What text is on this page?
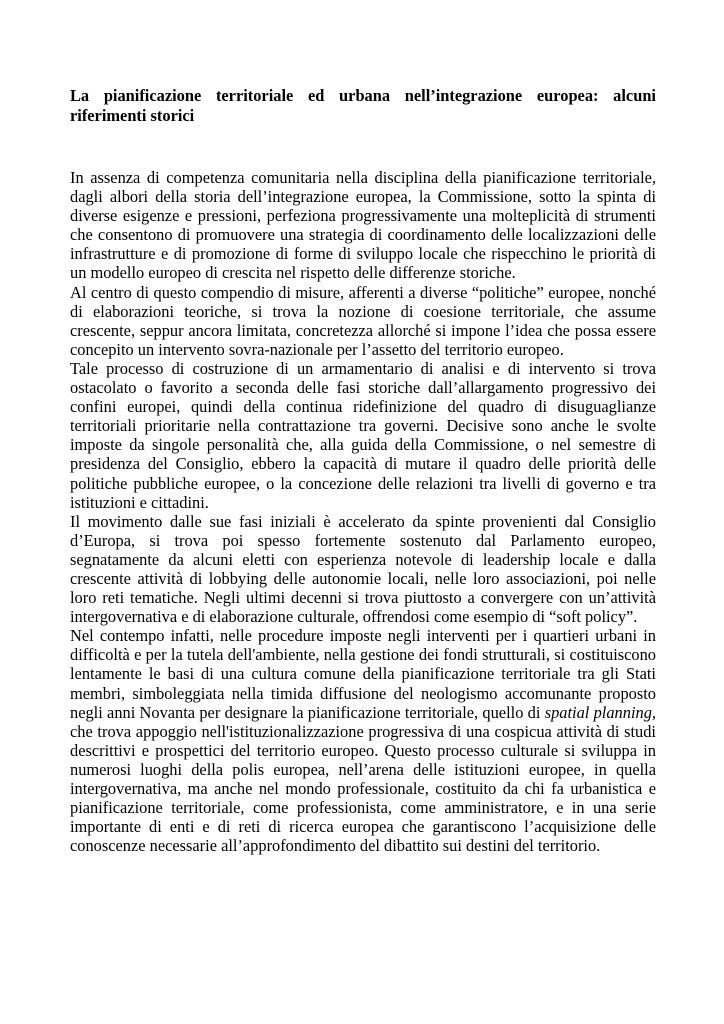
La pianificazione territoriale ed urbana nell’integrazione europea: alcuni riferimenti storici

In assenza di competenza comunitaria nella disciplina della pianificazione territoriale, dagli albori della storia dell’integrazione europea, la Commissione, sotto la spinta di diverse esigenze e pressioni, perfeziona progressivamente una molteplicità di strumenti che consentono di promuovere una strategia di coordinamento delle localizzazioni delle infrastrutture e di promozione di forme di sviluppo locale che rispecchino le priorità di un modello europeo di crescita nel rispetto delle differenze storiche.

Al centro di questo compendio di misure, afferenti a diverse “politiche” europee, nonché di elaborazioni teoriche, si trova la nozione di coesione territoriale, che assume crescente, seppur ancora limitata, concretezza allorché si impone l’idea che possa essere concepito un intervento sovra-nazionale per l’assetto del territorio europeo.

Tale processo di costruzione di un armamentario di analisi e di intervento si trova ostacolato o favorito a seconda delle fasi storiche dall’allargamento progressivo dei confini europei, quindi della continua ridefinizione del quadro di disuguaglianze territoriali prioritarie nella contrattazione tra governi. Decisive sono anche le svolte imposte da singole personalità che, alla guida della Commissione, o nel semestre di presidenza del Consiglio, ebbero la capacità di mutare il quadro delle priorità delle politiche pubbliche europee, o la concezione delle relazioni tra livelli di governo e tra istituzioni e cittadini.

Il movimento dalle sue fasi iniziali è accelerato da spinte provenienti dal Consiglio d’Europa, si trova poi spesso fortemente sostenuto dal Parlamento europeo, segnatamente da alcuni eletti con esperienza notevole di leadership locale e dalla crescente attività di lobbying delle autonomie locali, nelle loro associazioni, poi nelle loro reti tematiche. Negli ultimi decenni si trova piuttosto a convergere con un’attività intergovernativa e di elaborazione culturale, offrendosi come esempio di “soft policy”.

Nel contempo infatti, nelle procedure imposte negli interventi per i quartieri urbani in difficoltà e per la tutela dell'ambiente, nella gestione dei fondi strutturali, si costituiscono lentamente le basi di una cultura comune della pianificazione territoriale tra gli Stati membri, simboleggiata nella timida diffusione del neologismo accomunante proposto negli anni Novanta per designare la pianificazione territoriale, quello di spatial planning, che trova appoggio nell'istituzionalizzazione progressiva di una cospicua attività di studi descrittivi e prospettici del territorio europeo. Questo processo culturale si sviluppa in numerosi luoghi della polis europea, nell’arena delle istituzioni europee, in quella intergovernativa, ma anche nel mondo professionale, costituito da chi fa urbanistica e pianificazione territoriale, come professionista, come amministratore, e in una serie importante di enti e di reti di ricerca europea che garantiscono l’acquisizione delle conoscenze necessarie all’approfondimento del dibattito sui destini del territorio.
